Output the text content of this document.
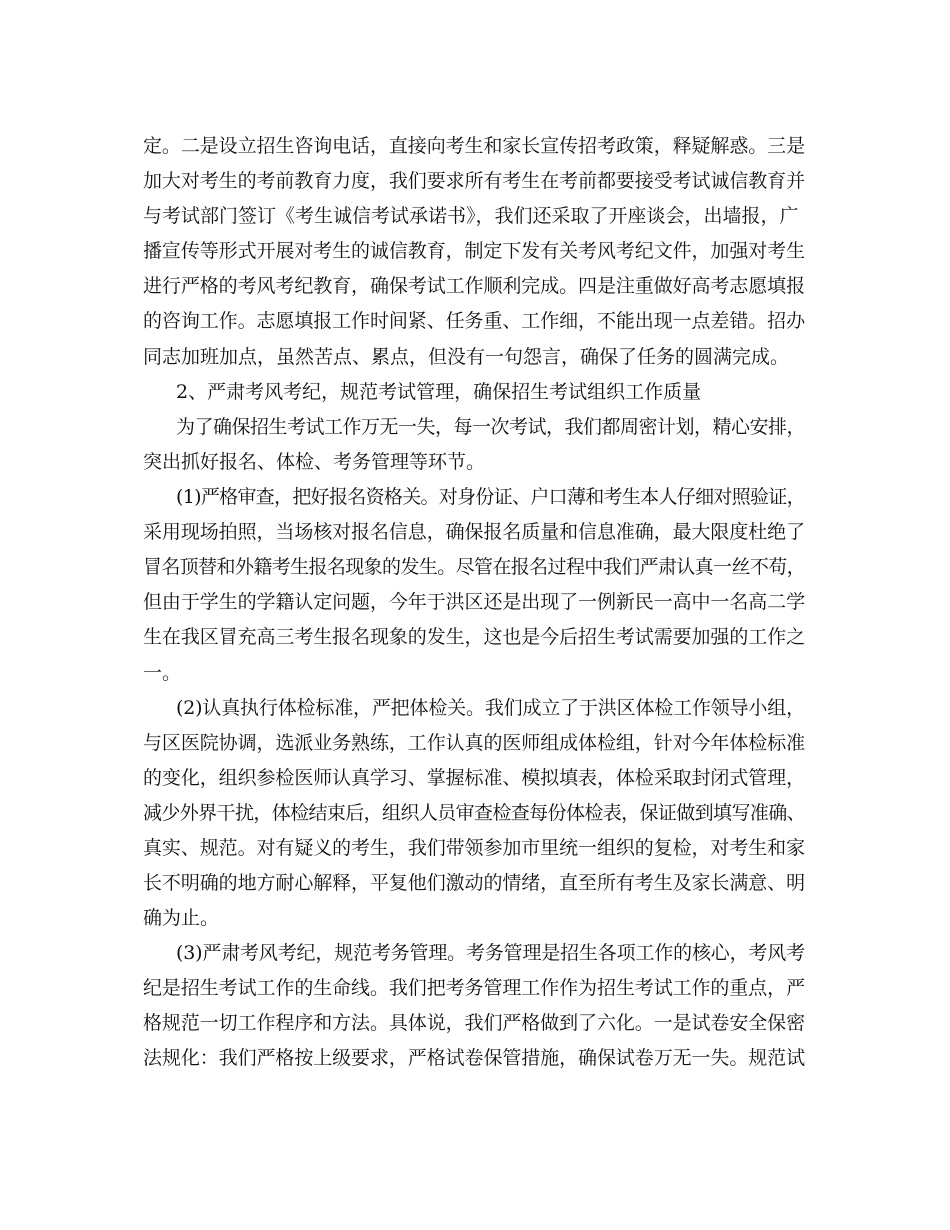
定。二是设立招生咨询电话，直接向考生和家长宣传招考政策，释疑解惑。三是

加大对考生的考前教育力度，我们要求所有考生在考前都要接受考试诚信教育并

与考试部门签订《考生诚信考试承诺书》，我们还采取了开座谈会，出墙报，广

播宣传等形式开展对考生的诚信教育，制定下发有关考风考纪文件，加强对考生

进行严格的考风考纪教育，确保考试工作顺利完成。四是注重做好高考志愿填报

的咨询工作。志愿填报工作时间紧、任务重、工作细，不能出现一点差错。招办

同志加班加点，虽然苦点、累点，但没有一句怨言，确保了任务的圆满完成。

2、严肃考风考纪，规范考试管理，确保招生考试组织工作质量

为了确保招生考试工作万无一失，每一次考试，我们都周密计划，精心安排，

突出抓好报名、体检、考务管理等环节。

(1)严格审查，把好报名资格关。对身份证、户口薄和考生本人仔细对照验证，

采用现场拍照，当场核对报名信息，确保报名质量和信息准确，最大限度杜绝了

冒名顶替和外籍考生报名现象的发生。尽管在报名过程中我们严肃认真一丝不苟，

但由于学生的学籍认定问题，今年于洪区还是出现了一例新民一高中一名高二学

生在我区冒充高三考生报名现象的发生，这也是今后招生考试需要加强的工作之

一。

(2)认真执行体检标准，严把体检关。我们成立了于洪区体检工作领导小组，

与区医院协调，选派业务熟练，工作认真的医师组成体检组，针对今年体检标准

的变化，组织参检医师认真学习、掌握标准、模拟填表，体检采取封闭式管理，

减少外界干扰，体检结束后，组织人员审查检查每份体检表，保证做到填写准确、

真实、规范。对有疑义的考生，我们带领参加市里统一组织的复检，对考生和家

长不明确的地方耐心解释，平复他们激动的情绪，直至所有考生及家长满意、明

确为止。

(3)严肃考风考纪，规范考务管理。考务管理是招生各项工作的核心，考风考

纪是招生考试工作的生命线。我们把考务管理工作作为招生考试工作的重点，严

格规范一切工作程序和方法。具体说，我们严格做到了六化。一是试卷安全保密

法规化：我们严格按上级要求，严格试卷保管措施，确保试卷万无一失。规范试
